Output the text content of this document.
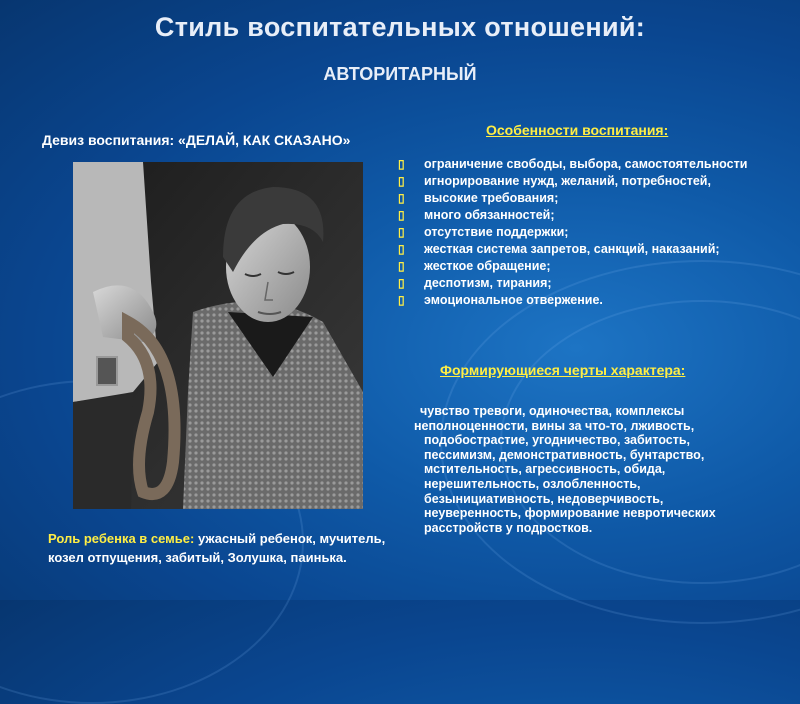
Стиль воспитательных отношений:
АВТОРИТАРНЫЙ
Девиз воспитания: «ДЕЛАЙ, КАК СКАЗАНО»
Особенности воспитания:
▯ ограничение свободы, выбора, самостоятельности
▯ игнорирование нужд, желаний, потребностей,
▯ высокие требования;
▯ много обязанностей;
▯ отсутствие поддержки;
▯ жесткая система запретов, санкций, наказаний;
▯ жесткое обращение;
▯ деспотизм, тирания;
▯ эмоциональное отвержение.
Формирующиеся черты характера:
чувство тревоги, одиночества, комплексы
неполноценности, вины за что-то, лживость,
подобострастие, угодничество, забитость,
пессимизм, демонстративность, бунтарство,
мстительность, агрессивность, обида,
нерешительность, озлобленность,
безынициативность, недоверчивость,
неуверенность, формирование невротических
расстройств у подростков.
Роль ребенка в семье: ужасный ребенок, мучитель, козел отпущения, забитый, Золушка, паинька.
